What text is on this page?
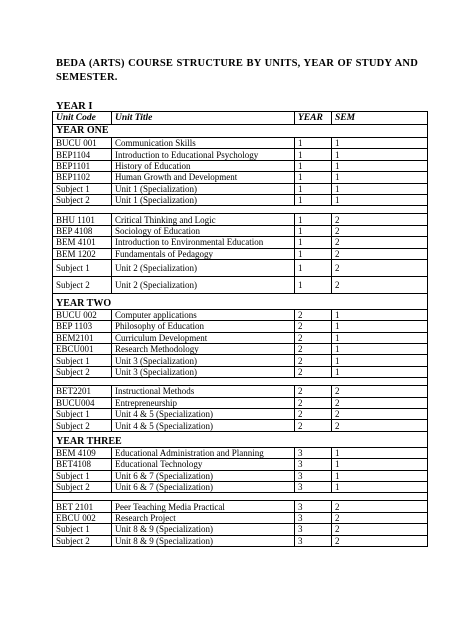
BEDA (ARTS) COURSE STRUCTURE BY UNITS, YEAR OF STUDY AND SEMESTER.
YEAR I
Unit Code	Unit Title	YEAR	SEM
YEAR ONE			
BUCU 001	Communication Skills	1	1
BEP1104	Introduction to Educational Psychology	1	1
BEP1101	History of Education	1	1
BEP1102	Human Growth and Development	1	1
Subject 1	Unit 1 (Specialization)	1	1
Subject 2	Unit 1 (Specialization)	1	1

BHU 1101	Critical Thinking and Logic	1	2
BEP 4108	Sociology of Education	1	2
BEM 4101	Introduction to Environmental Education	1	2
BEM 1202	Fundamentals of Pedagogy	1	2
Subject 1	Unit 2 (Specialization)	1	2
Subject 2	Unit 2 (Specialization)	1	2
YEAR TWO			
BUCU 002	Computer applications	2	1
BEP 1103	Philosophy of Education	2	1
BEM2101	Curriculum Development	2	1
EBCU001	Research Methodology	2	1
Subject 1	Unit 3 (Specialization)	2	1
Subject 2	Unit 3 (Specialization)	2	1

BET2201	Instructional Methods	2	2
BUCU004	Entrepreneurship	2	2
Subject 1	Unit 4 & 5 (Specialization)	2	2
Subject 2	Unit 4 & 5 (Specialization)	2	2
YEAR THREE			
BEM 4109	Educational Administration and Planning	3	1
BET4108	Educational Technology	3	1
Subject 1	Unit 6 & 7 (Specialization)	3	1
Subject 2	Unit 6 & 7 (Specialization)	3	1

BET 2101	Peer Teaching Media Practical	3	2
EBCU 002	Research Project	3	2
Subject 1	Unit 8 & 9 (Specialization)	3	2
Subject 2	Unit 8 & 9 (Specialization)	3	2
